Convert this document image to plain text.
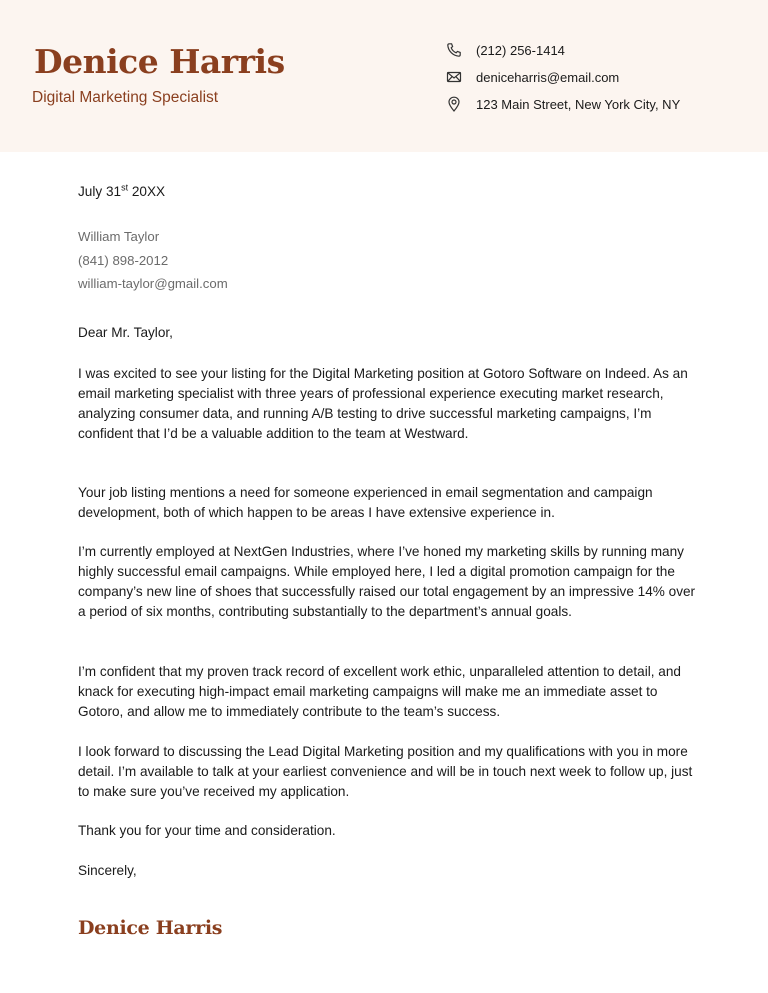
Denice Harris

Digital Marketing Specialist

(212) 256-1414
deniceharris@email.com
123 Main Street, New York City, NY
July 31st 20XX
William Taylor
(841) 898-2012
william-taylor@gmail.com
Dear Mr. Taylor,
I was excited to see your listing for the Digital Marketing position at Gotoro Software on Indeed. As an email marketing specialist with three years of professional experience executing market research, analyzing consumer data, and running A/B testing to drive successful marketing campaigns, I’m confident that I’d be a valuable addition to the team at Westward.
Your job listing mentions a need for someone experienced in email segmentation and campaign development, both of which happen to be areas I have extensive experience in.
I’m currently employed at NextGen Industries, where I’ve honed my marketing skills by running many highly successful email campaigns. While employed here, I led a digital promotion campaign for the company’s new line of shoes that successfully raised our total engagement by an impressive 14% over a period of six months, contributing substantially to the department’s annual goals.
I’m confident that my proven track record of excellent work ethic, unparalleled attention to detail, and knack for executing high-impact email marketing campaigns will make me an immediate asset to Gotoro, and allow me to immediately contribute to the team’s success.
I look forward to discussing the Lead Digital Marketing position and my qualifications with you in more detail. I’m available to talk at your earliest convenience and will be in touch next week to follow up, just to make sure you’ve received my application.
Thank you for your time and consideration.
Sincerely,
Denice Harris
